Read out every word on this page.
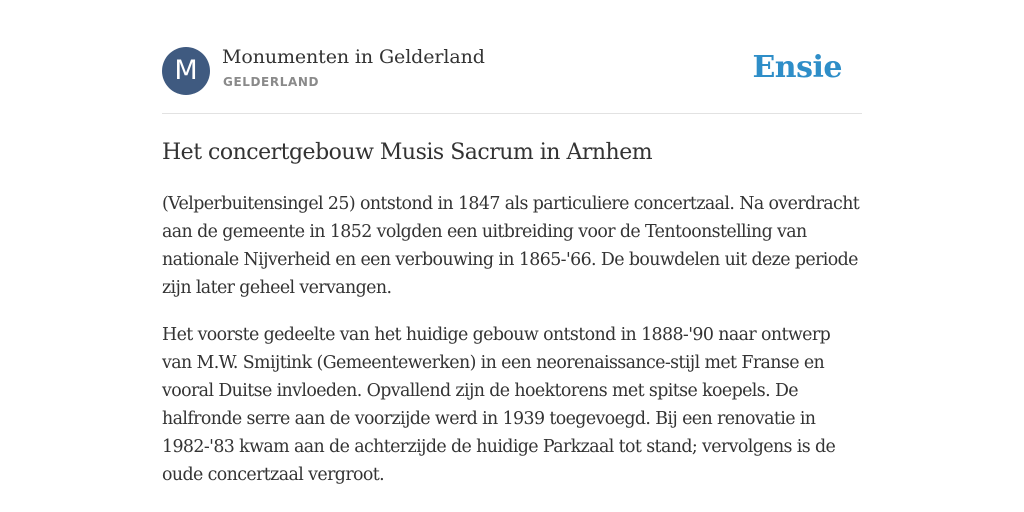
M	Monumenten in Gelderland
GELDERLAND	Ensie
Het concertgebouw Musis Sacrum in Arnhem

(Velperbuitensingel 25) ontstond in 1847 als particuliere concertzaal. Na overdracht aan de gemeente in 1852 volgden een uitbreiding voor de Tentoonstelling van nationale Nijverheid en een verbouwing in 1865-'66. De bouwdelen uit deze periode zijn later geheel vervangen.

Het voorste gedeelte van het huidige gebouw ontstond in 1888-'90 naar ontwerp van M.W. Smijtink (Gemeentewerken) in een neorenaissance-stijl met Franse en vooral Duitse invloeden. Opvallend zijn de hoektorens met spitse koepels. De halfronde serre aan de voorzijde werd in 1939 toegevoegd. Bij een renovatie in 1982-'83 kwam aan de achterzijde de huidige Parkzaal tot stand; vervolgens is de oude concertzaal vergroot.
